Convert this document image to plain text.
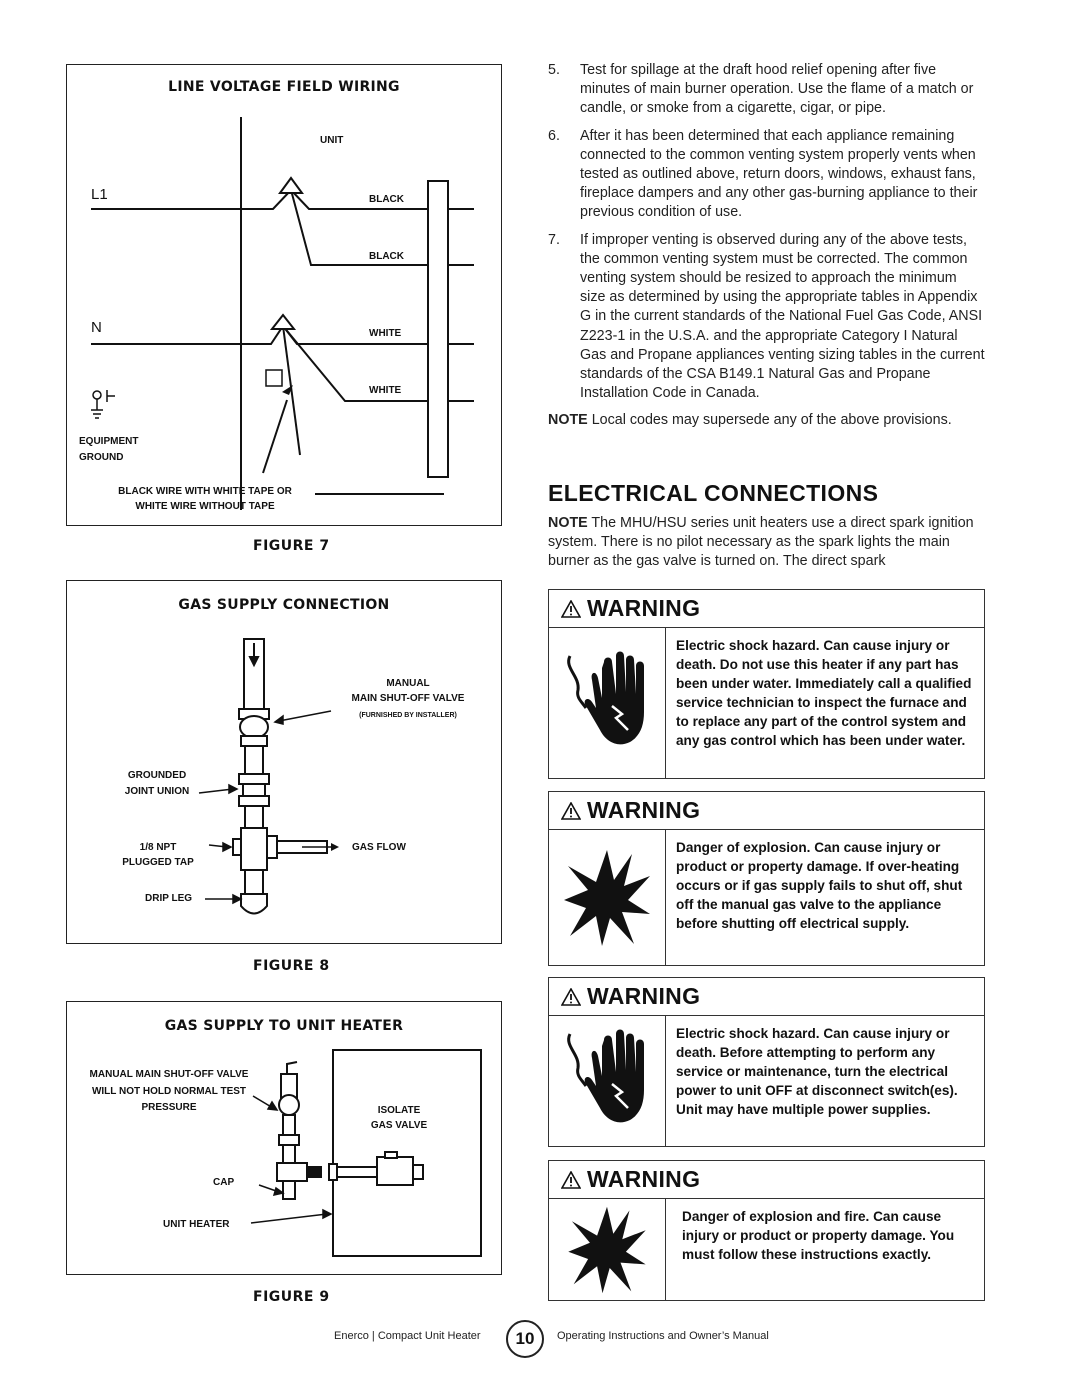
LINE VOLTAGE FIELD WIRING
UNIT
L1	BLACK
BLACK
N	WHITE
WHITE
EQUIPMENT
GROUND
BLACK WIRE WITH WHITE TAPE OR
WHITE WIRE WITHOUT TAPE
FIGURE 7
GAS SUPPLY CONNECTION
MANUAL
MAIN SHUT-OFF VALVE
(FURNISHED BY INSTALLER)
GROUNDED
JOINT UNION
1/8 NPT
PLUGGED TAP
GAS FLOW
DRIP LEG
FIGURE 8
GAS SUPPLY TO UNIT HEATER
MANUAL MAIN SHUT-OFF VALVE
WILL NOT HOLD NORMAL TEST
PRESSURE	ISOLATE
GAS VALVE
CAP
UNIT HEATER
FIGURE 9
5. Test for spillage at the draft hood relief opening after five minutes of main burner operation. Use the flame of a match or candle, or smoke from a cigarette, cigar, or pipe.
6. After it has been determined that each appliance remaining connected to the common venting system properly vents when tested as outlined above, return doors, windows, exhaust fans, fireplace dampers and any other gas-burning appliance to their previous condition of use.
7. If improper venting is observed during any of the above tests, the common venting system must be corrected. The common venting system should be resized to approach the minimum size as determined by using the appropriate tables in Appendix G in the current standards of the National Fuel Gas Code, ANSI Z223-1 in the U.S.A. and the appropriate Category I Natural Gas and Propane appliances venting sizing tables in the current standards of the CSA B149.1 Natural Gas and Propane Installation Code in Canada.
NOTE Local codes may supersede any of the above provisions.
ELECTRICAL CONNECTIONS
NOTE The MHU/HSU series unit heaters use a direct spark ignition system. There is no pilot necessary as the spark lights the main burner as the gas valve is turned on. The direct spark
WARNING
Electric shock hazard. Can cause injury or death. Do not use this heater if any part has been under water. Immediately call a qualified service technician to inspect the furnace and to replace any part of the control system and any gas control which has been under water.
WARNING
Danger of explosion. Can cause injury or product or property damage. If over-heating occurs or if gas supply fails to shut off, shut off the manual gas valve to the appliance before shutting off electrical supply.
WARNING
Electric shock hazard. Can cause injury or death. Before attempting to perform any service or maintenance, turn the electrical power to unit OFF at disconnect switch(es). Unit may have multiple power supplies.
WARNING
Danger of explosion and fire. Can cause injury or product or property damage. You must follow these instructions exactly.
Enerco | Compact Unit Heater 10 Operating Instructions and Owner’s Manual
